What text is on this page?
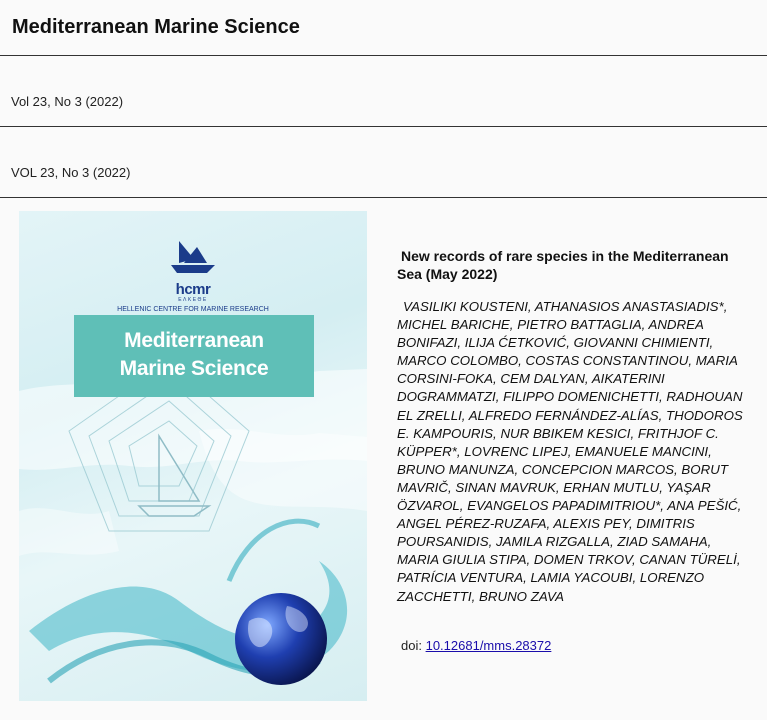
Mediterranean Marine Science
Vol 23, No 3 (2022)
VOL 23, No 3 (2022)
hcmr
ΕΛΚΕΘΕ
HELLENIC CENTRE FOR MARINE RESEARCH
Mediterranean
Marine Science
New records of rare species in the Mediterranean Sea (May 2022)
VASILIKI KOUSTENI, ATHANASIOS ANASTASIADIS*, MICHEL BARICHE, PIETRO BATTAGLIA, ANDREA BONIFAZI, ILIJA ĆETKOVIĆ, GIOVANNI CHIMIENTI, MARCO COLOMBO, COSTAS CONSTANTINOU, MARIA CORSINI-FOKA, CEM DALYAN, AIKATERINI DOGRAMMATZI, FILIPPO DOMENICHETTI, RADHOUAN EL ZRELLI, ALFREDO FERNÁNDEZ-ALÍAS, THODOROS E. KAMPOURIS, NUR BBIKEM KESICI, FRITHJOF C. KÜPPER*, LOVRENC LIPEJ, EMANUELE MANCINI, BRUNO MANUNZA, CONCEPCION MARCOS, BORUT MAVRIČ, SINAN MAVRUK, ERHAN MUTLU, YAŞAR ÖZVAROL, EVANGELOS PAPADIMITRIOU*, ANA PEŠIĆ, ANGEL PÉREZ-RUZAFA, ALEXIS PEY, DIMITRIS POURSANIDIS, JAMILA RIZGALLA, ZIAD SAMAHA, MARIA GIULIA STIPA, DOMEN TRKOV, CANAN TÜRELİ, PATRÍCIA VENTURA, LAMIA YACOUBI, LORENZO ZACCHETTI, BRUNO ZAVA
doi: 10.12681/mms.28372
